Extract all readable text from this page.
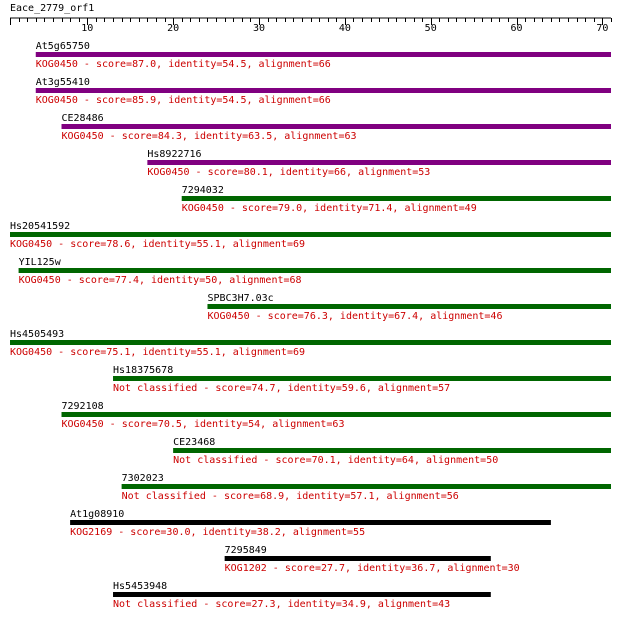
Eace_2779_orf1
10	20	30	40	50	60	70
At5g65750
KOG0450 - score=87.0, identity=54.5, alignment=66
At3g55410
KOG0450 - score=85.9, identity=54.5, alignment=66
CE28486
KOG0450 - score=84.3, identity=63.5, alignment=63
Hs8922716
KOG0450 - score=80.1, identity=66, alignment=53
7294032
KOG0450 - score=79.0, identity=71.4, alignment=49
Hs20541592
KOG0450 - score=78.6, identity=55.1, alignment=69
YIL125w
KOG0450 - score=77.4, identity=50, alignment=68
SPBC3H7.03c
KOG0450 - score=76.3, identity=67.4, alignment=46
Hs4505493
KOG0450 - score=75.1, identity=55.1, alignment=69
Hs18375678
Not classified - score=74.7, identity=59.6, alignment=57
7292108
KOG0450 - score=70.5, identity=54, alignment=63
CE23468
Not classified - score=70.1, identity=64, alignment=50
7302023
Not classified - score=68.9, identity=57.1, alignment=56
At1g08910
KOG2169 - score=30.0, identity=38.2, alignment=55
7295849
KOG1202 - score=27.7, identity=36.7, alignment=30
Hs5453948
Not classified - score=27.3, identity=34.9, alignment=43
